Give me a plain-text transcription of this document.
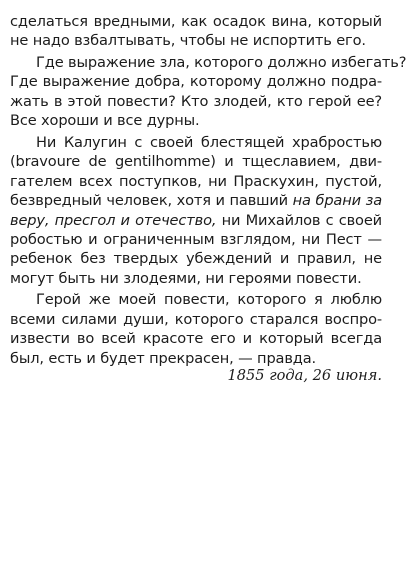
сделаться вредными, как осадок вина, который
не надо взбалтывать, чтобы не испортить его.
Где выражение зла, которого должно избегать?
Где выражение добра, которому должно подра-
жать в этой повести? Кто злодей, кто герой ее?
Все хороши и все дурны.
Ни Калугин с своей блестящей храбростью
(bravoure de gentilhomme) и тщеславием, дви-
гателем всех поступков, ни Праскухин, пустой,
безвредный человек, хотя и павший на брани за
веру, пресгол и отечество, ни Михайлов с своей
робостью и ограниченным взглядом, ни Пест —
ребенок без твердых убеждений и правил, не
могут быть ни злодеями, ни героями повести.
Герой же моей повести, которого я люблю
всеми силами души, которого старался воспро-
извести во всей красоте его и который всегда
был, есть и будет прекрасен, — правда.
1855 года, 26 июня.
